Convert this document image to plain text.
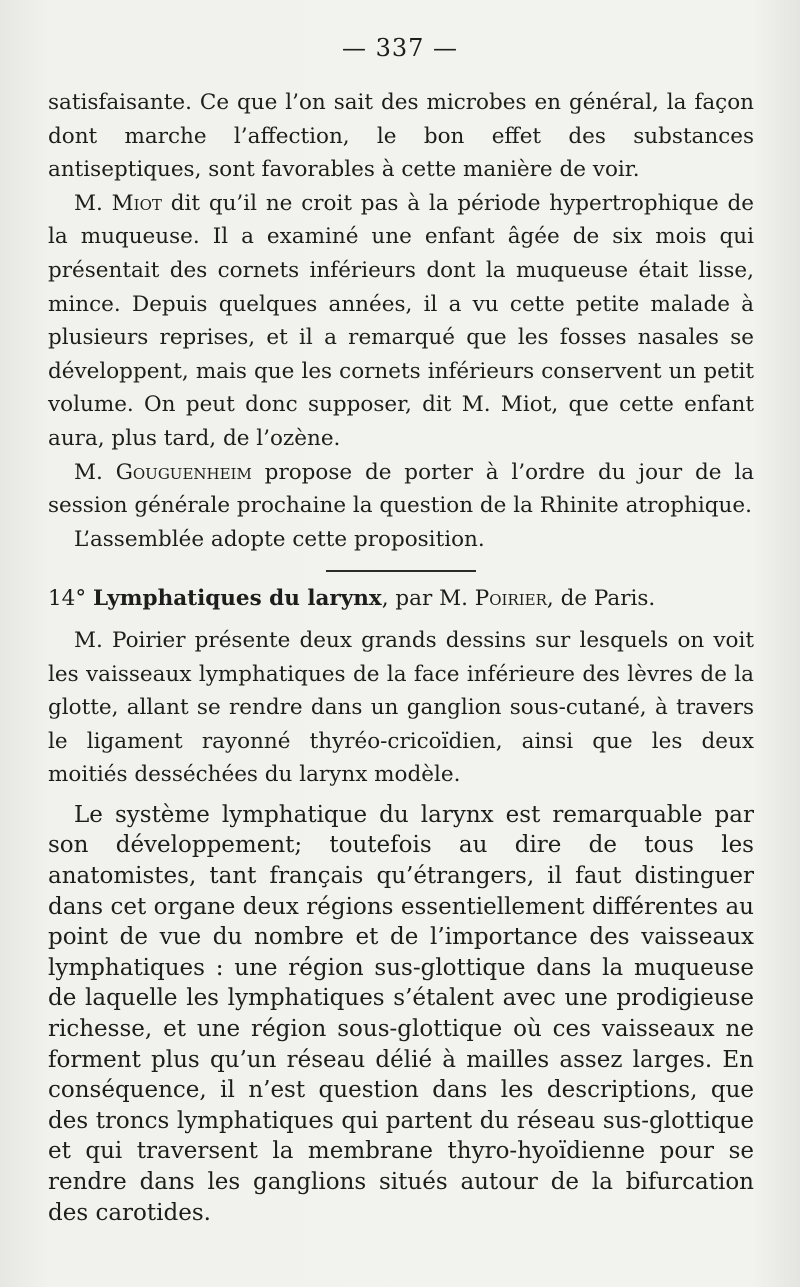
— 337 —

satisfaisante. Ce que l’on sait des microbes en général, la façon dont marche l’affection, le bon effet des substances antiseptiques, sont favorables à cette manière de voir.

M. Miot dit qu’il ne croit pas à la période hypertrophique de la muqueuse. Il a examiné une enfant âgée de six mois qui présentait des cornets inférieurs dont la muqueuse était lisse, mince. Depuis quelques années, il a vu cette petite malade à plusieurs reprises, et il a remarqué que les fosses nasales se développent, mais que les cornets inférieurs conservent un petit volume. On peut donc supposer, dit M. Miot, que cette enfant aura, plus tard, de l’ozène.

M. Gouguenheim propose de porter à l’ordre du jour de la session générale prochaine la question de la Rhinite atrophique.

L’assemblée adopte cette proposition.

14° Lymphatiques du larynx, par M. Poirier, de Paris.

M. Poirier présente deux grands dessins sur lesquels on voit les vaisseaux lymphatiques de la face inférieure des lèvres de la glotte, allant se rendre dans un ganglion sous-cutané, à travers le ligament rayonné thyréo-cricoïdien, ainsi que les deux moitiés desséchées du larynx modèle.

Le système lymphatique du larynx est remarquable par son développement; toutefois au dire de tous les anatomistes, tant français qu’étrangers, il faut distinguer dans cet organe deux régions essentiellement différentes au point de vue du nombre et de l’importance des vaisseaux lymphatiques : une région sus-glottique dans la muqueuse de laquelle les lymphatiques s’étalent avec une prodigieuse richesse, et une région sous-glottique où ces vaisseaux ne forment plus qu’un réseau délié à mailles assez larges. En conséquence, il n’est question dans les descriptions, que des troncs lymphatiques qui partent du réseau sus-glottique et qui traversent la membrane thyro-hyoïdienne pour se rendre dans les ganglions situés autour de la bifurcation des carotides.
